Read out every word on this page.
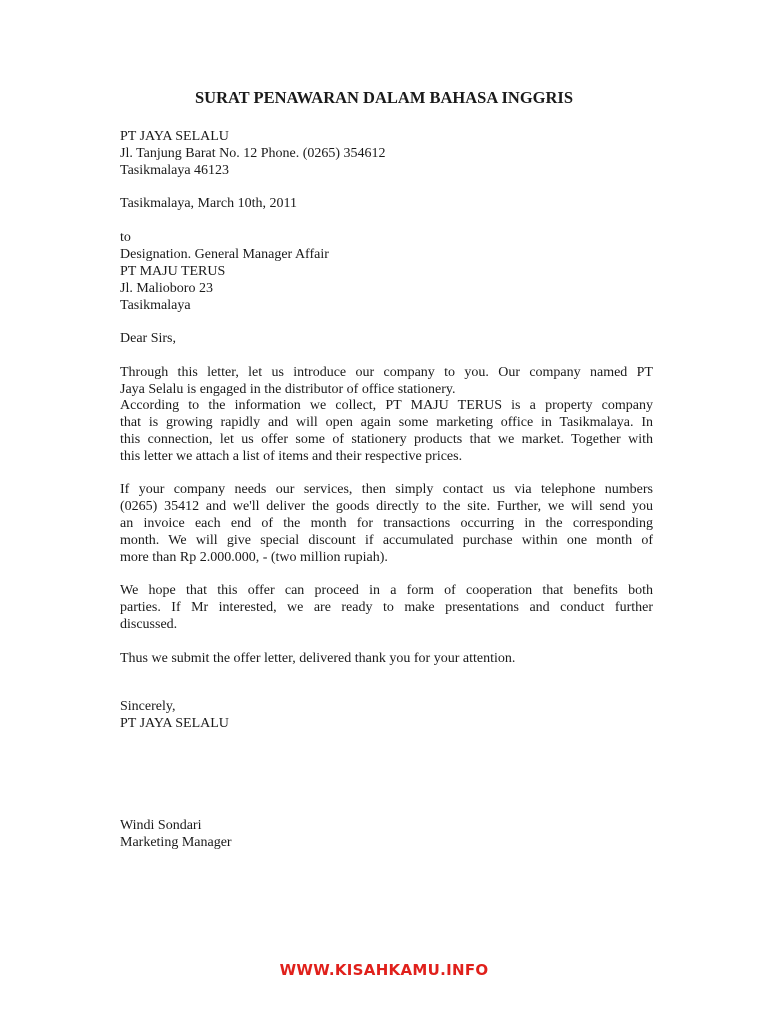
SURAT PENAWARAN DALAM BAHASA INGGRIS
PT JAYA SELALU
Jl. Tanjung Barat No. 12 Phone. (0265) 354612
Tasikmalaya 46123
Tasikmalaya, March 10th, 2011
to
Designation. General Manager Affair
PT MAJU TERUS
Jl. Malioboro 23
Tasikmalaya
Dear Sirs,
Through this letter, let us introduce our company to you. Our company named PT
Jaya Selalu is engaged in the distributor of office stationery.
According to the information we collect, PT MAJU TERUS is a property company
that is growing rapidly and will open again some marketing office in Tasikmalaya. In
this connection, let us offer some of stationery products that we market. Together with
this letter we attach a list of items and their respective prices.
If your company needs our services, then simply contact us via telephone numbers
(0265) 35412 and we'll deliver the goods directly to the site. Further, we will send you
an invoice each end of the month for transactions occurring in the corresponding
month. We will give special discount if accumulated purchase within one month of
more than Rp 2.000.000, - (two million rupiah).
We hope that this offer can proceed in a form of cooperation that benefits both
parties. If Mr interested, we are ready to make presentations and conduct further
discussed.
Thus we submit the offer letter, delivered thank you for your attention.
Sincerely,
PT JAYA SELALU
Windi Sondari
Marketing Manager
WWW.KISAHKAMU.INFO
